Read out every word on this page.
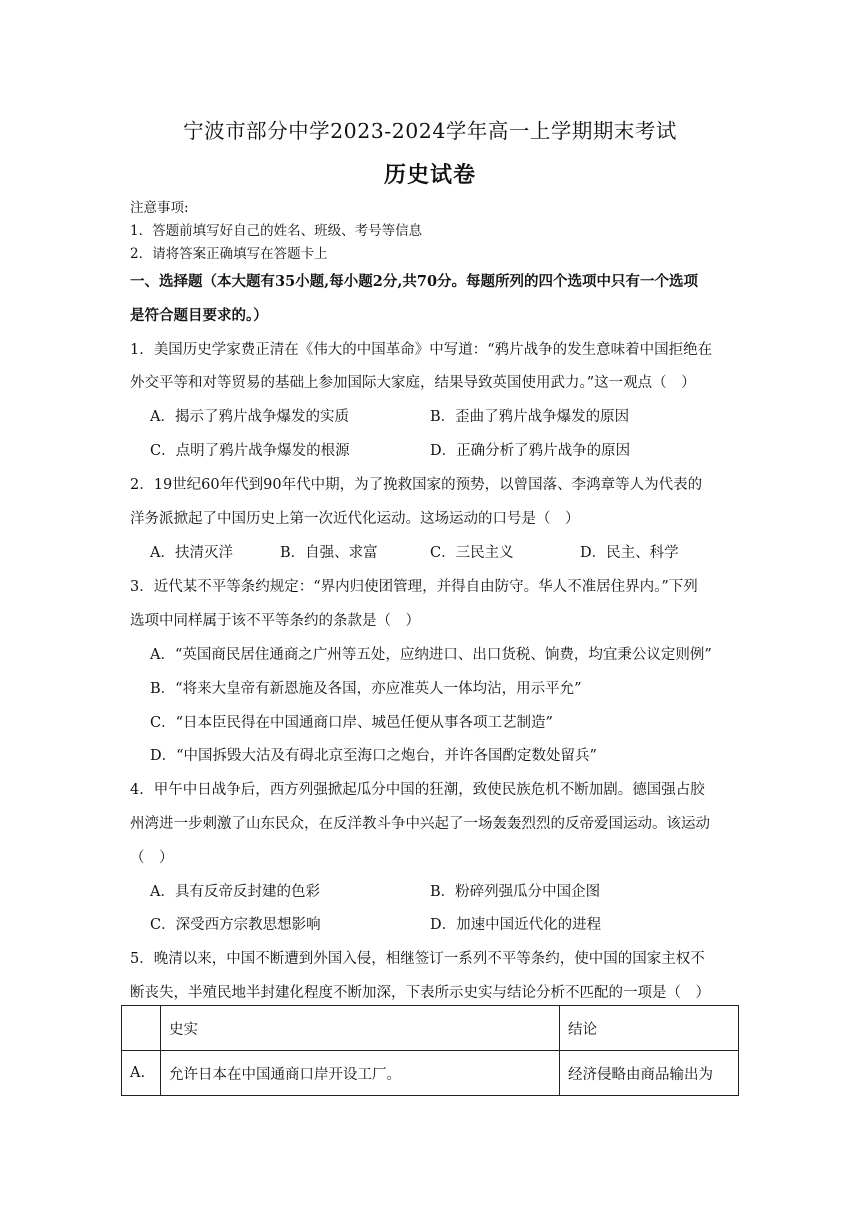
宁波市部分中学2023-2024学年高一上学期期末考试
历史试卷
注意事项:
1．答题前填写好自己的姓名、班级、考号等信息
2．请将答案正确填写在答题卡上
一、选择题（本大题有35小题,每小题2分,共70分。每题所列的四个选项中只有一个选项
是符合题目要求的。）
1．美国历史学家费正清在《伟大的中国革命》中写道：“鸦片战争的发生意味着中国拒绝在
外交平等和对等贸易的基础上参加国际大家庭，结果导致英国使用武力。”这一观点（　）
A．揭示了鸦片战争爆发的实质	B．歪曲了鸦片战争爆发的原因
C．点明了鸦片战争爆发的根源	D．正确分析了鸦片战争的原因
2．19世纪60年代到90年代中期，为了挽救国家的预势，以曾国落、李鸿章等人为代表的
洋务派掀起了中国历史上第一次近代化运动。这场运动的口号是（　）
A．扶清灭洋	B．自强、求富	C．三民主义	D．民主、科学
3．近代某不平等条约规定：“界内归使团管理，并得自由防守。华人不准居住界内。”下列
选项中同样属于该不平等条约的条款是（　）
A．“英国商民居住通商之广州等五处，应纳进口、出口货税、饷费，均宜秉公议定则例”
B．“将来大皇帝有新恩施及各国，亦应准英人一体均沾，用示平允”
C．“日本臣民得在中国通商口岸、城邑任便从事各项工艺制造”
D．“中国拆毁大沽及有碍北京至海口之炮台，并许各国酌定数处留兵”
4．甲午中日战争后，西方列强掀起瓜分中国的狂潮，致使民族危机不断加剧。德国强占胶
州湾进一步刺激了山东民众，在反洋教斗争中兴起了一场轰轰烈烈的反帝爱国运动。该运动
（　）
A．具有反帝反封建的色彩	B．粉碎列强瓜分中国企图
C．深受西方宗教思想影响	D．加速中国近代化的进程
5．晚清以来，中国不断遭到外国入侵，相继签订一系列不平等条约，使中国的国家主权不
断丧失，半殖民地半封建化程度不断加深，下表所示史实与结论分析不匹配的一项是（　）
	史实	结论
A.	允许日本在中国通商口岸开设工厂。	经济侵略由商品输出为
